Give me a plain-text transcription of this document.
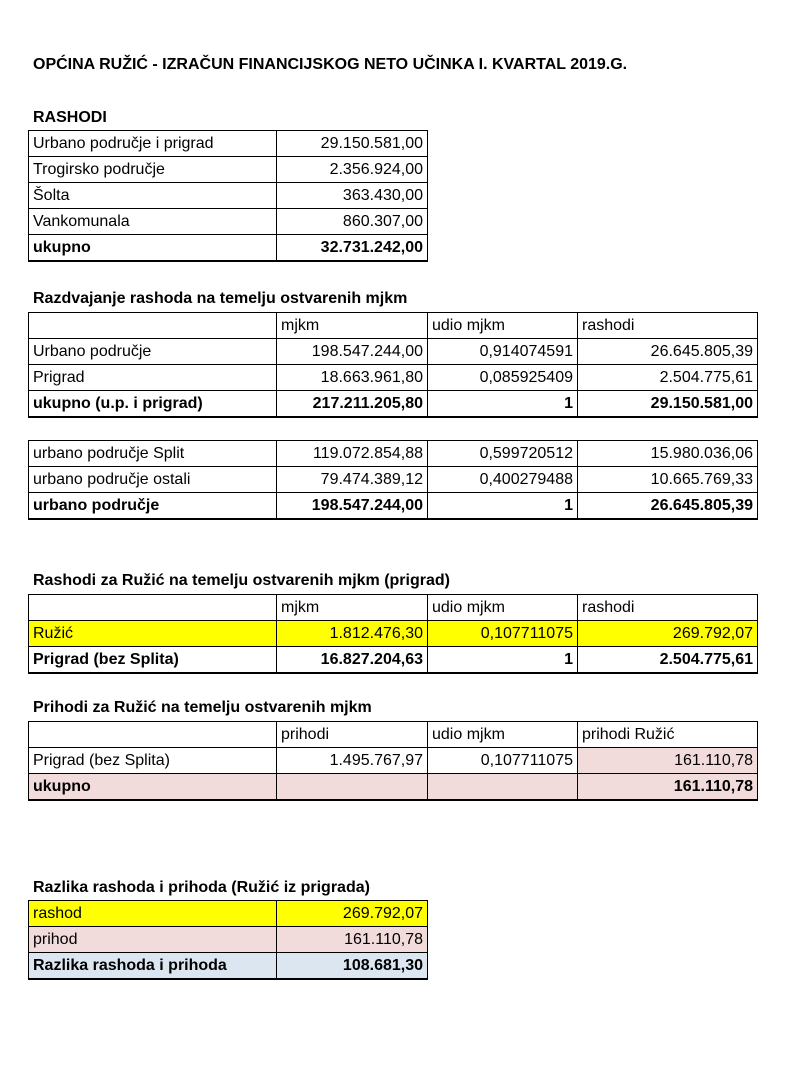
OPĆINA RUŽIĆ - IZRAČUN FINANCIJSKOG NETO UČINKA I. KVARTAL 2019.G.
RASHODI
Urbano područje i prigrad	29.150.581,00
Trogirsko područje	2.356.924,00
Šolta	363.430,00
Vankomunala	860.307,00
ukupno	32.731.242,00
Razdvajanje rashoda na temelju ostvarenih mjkm
	mjkm	udio mjkm	rashodi
Urbano područje	198.547.244,00	0,914074591	26.645.805,39
Prigrad	18.663.961,80	0,085925409	2.504.775,61
ukupno (u.p. i prigrad)	217.211.205,80	1	29.150.581,00
urbano područje Split	119.072.854,88	0,599720512	15.980.036,06
urbano područje ostali	79.474.389,12	0,400279488	10.665.769,33
urbano područje	198.547.244,00	1	26.645.805,39
Rashodi za Ružić na temelju ostvarenih mjkm (prigrad)
	mjkm	udio mjkm	rashodi
Ružić	1.812.476,30	0,107711075	269.792,07
Prigrad (bez Splita)	16.827.204,63	1	2.504.775,61
Prihodi za Ružić na temelju ostvarenih mjkm
	prihodi	udio mjkm	prihodi Ružić
Prigrad (bez Splita)	1.495.767,97	0,107711075	161.110,78
ukupno			161.110,78
Razlika rashoda i prihoda (Ružić iz prigrada)
rashod	269.792,07
prihod	161.110,78
Razlika rashoda i prihoda	108.681,30
